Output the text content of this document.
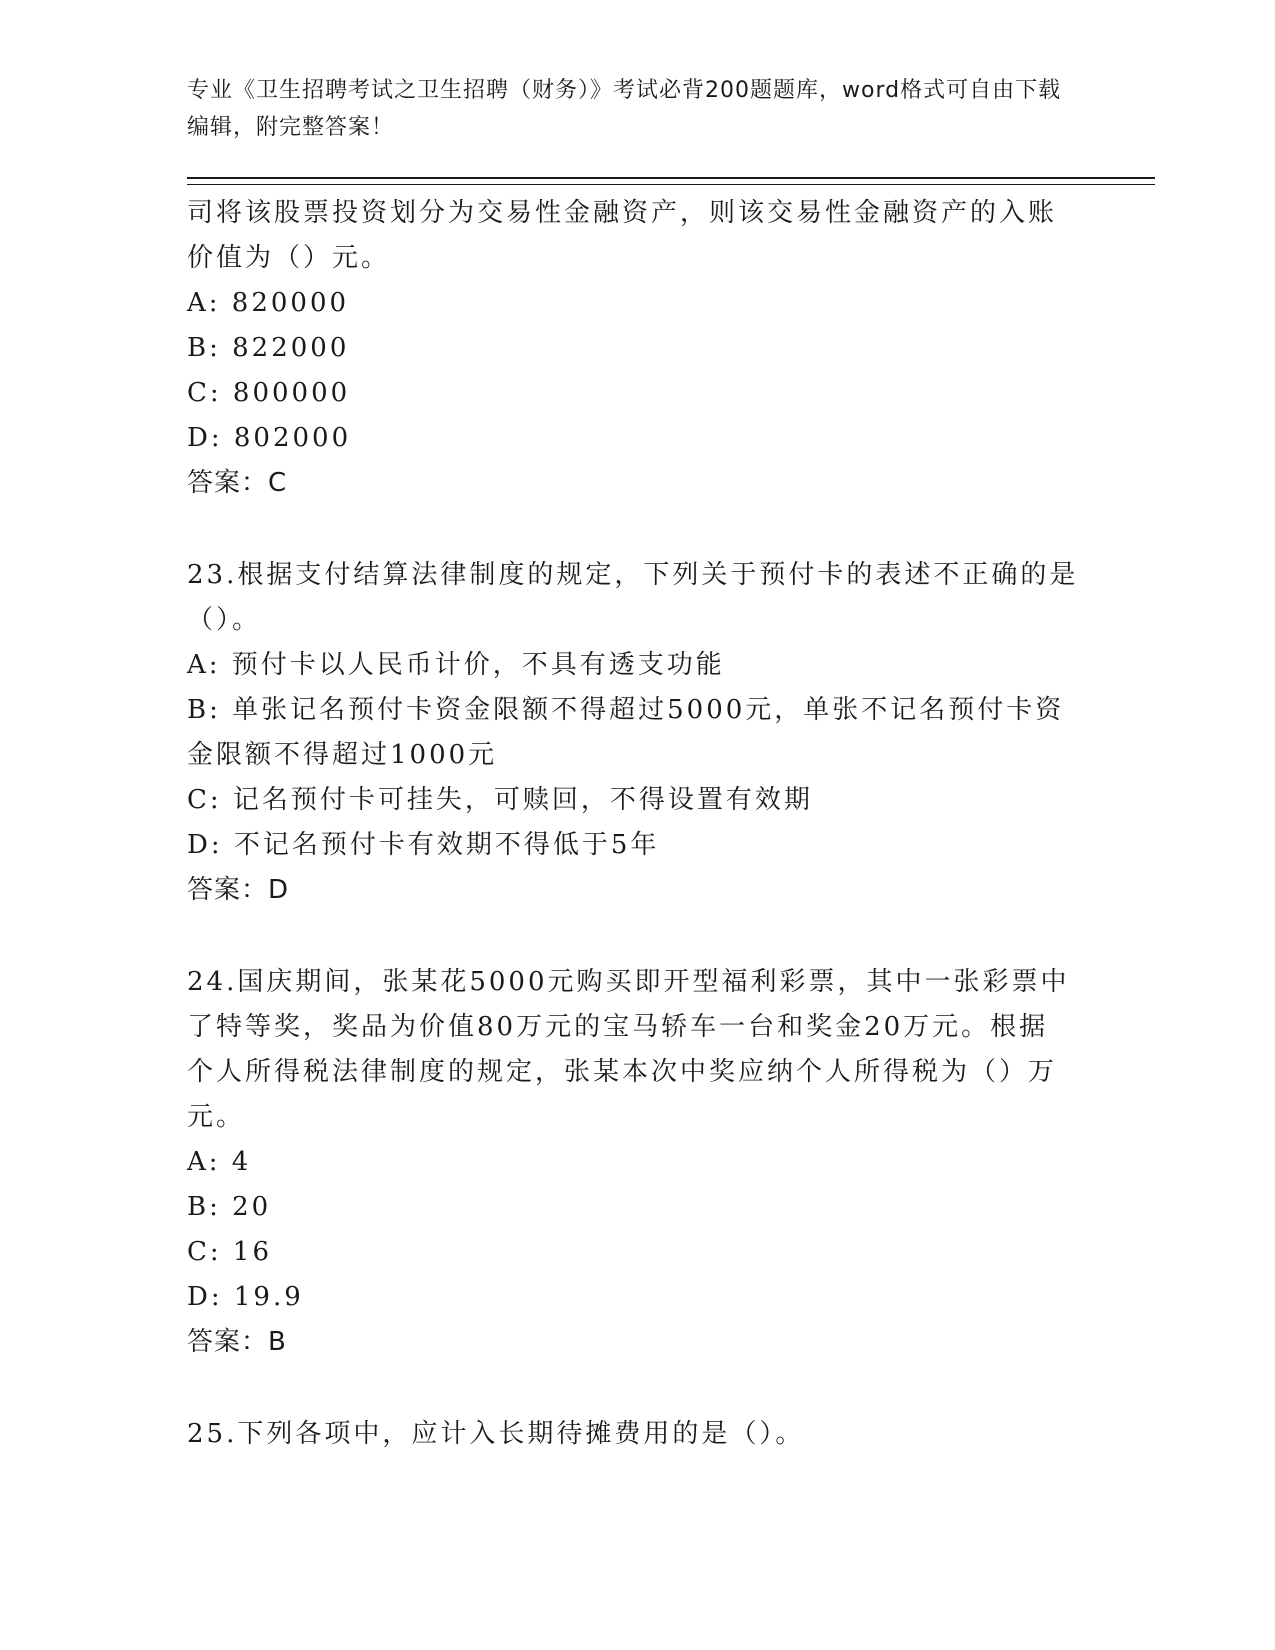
专业《卫生招聘考试之卫生招聘（财务）》考试必背200题题库，word格式可自由下载编辑，附完整答案！
司将该股票投资划分为交易性金融资产，则该交易性金融资产的入账
价值为（）元。
A: 820000
B: 822000
C: 800000
D: 802000
答案：C
23.根据支付结算法律制度的规定，下列关于预付卡的表述不正确的是
（）。
A: 预付卡以人民币计价，不具有透支功能
B: 单张记名预付卡资金限额不得超过5000元，单张不记名预付卡资
金限额不得超过1000元
C: 记名预付卡可挂失，可赎回，不得设置有效期
D: 不记名预付卡有效期不得低于5年
答案：D
24.国庆期间，张某花5000元购买即开型福利彩票，其中一张彩票中
了特等奖，奖品为价值80万元的宝马轿车一台和奖金20万元。根据
个人所得税法律制度的规定，张某本次中奖应纳个人所得税为（）万
元。
A: 4
B: 20
C: 16
D: 19.9
答案：B
25.下列各项中，应计入长期待摊费用的是（）。
